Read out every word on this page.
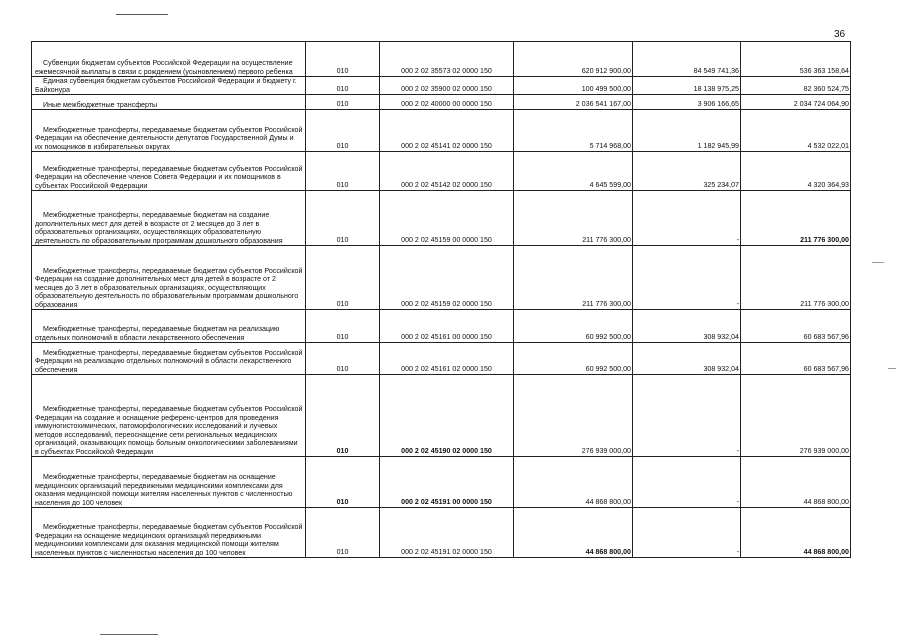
36
Субвенции бюджетам субъектов Российской Федерации на осуществление ежемесячной выплаты в связи с рождением (усыновлением) первого ребенка	010	000 2 02 35573 02 0000 150	620 912 900,00	84 549 741,36	536 363 158,64

Единая субвенция бюджетам субъектов Российской Федерации и бюджету г. Байконура	010	000 2 02 35900 02 0000 150	100 499 500,00	18 138 975,25	82 360 524,75

Иные межбюджетные трансферты	010	000 2 02 40000 00 0000 150	2 036 541 167,00	3 906 166,65	2 034 724 064,90

Межбюджетные трансферты, передаваемые бюджетам субъектов Российской Федерации на обеспечение деятельности депутатов Государственной Думы и их помощников в избирательных округах	010	000 2 02 45141 02 0000 150	5 714 968,00	1 182 945,99	4 532 022,01

Межбюджетные трансферты, передаваемые бюджетам субъектов Российской Федерации на обеспечение членов Совета Федерации и их помощников в субъектах Российской Федерации	010	000 2 02 45142 02 0000 150	4 645 599,00	325 234,07	4 320 364,93

Межбюджетные трансферты, передаваемые бюджетам на создание дополнительных мест для детей в возрасте от 2 месяцев до 3 лет в образовательных организациях, осуществляющих образовательную деятельность по образовательным программам дошкольного образования	010	000 2 02 45159 00 0000 150	211 776 300,00	-	211 776 300,00

Межбюджетные трансферты, передаваемые бюджетам субъектов Российской Федерации на создание дополнительных мест для детей в возрасте от 2 месяцев до 3 лет в образовательных организациях, осуществляющих образовательную деятельность по образовательным программам дошкольного образования	010	000 2 02 45159 02 0000 150	211 776 300,00	-	211 776 300,00

Межбюджетные трансферты, передаваемые бюджетам на реализацию отдельных полномочий в области лекарственного обеспечения	010	000 2 02 45161 00 0000 150	60 992 500,00	308 932,04	60 683 567,96

Межбюджетные трансферты, передаваемые бюджетам субъектов Российской Федерации на реализацию отдельных полномочий в области лекарственного обеспечения	010	000 2 02 45161 02 0000 150	60 992 500,00	308 932,04	60 683 567,96

Межбюджетные трансферты, передаваемые бюджетам субъектов Российской Федерации на создание и оснащение референс-центров для проведения иммуногистохимических, патоморфологических исследований и лучевых методов исследований, переоснащение сети региональных медицинских организаций, оказывающих помощь больным онкологическими заболеваниями в субъектах Российской Федерации	010	000 2 02 45190 02 0000 150	276 939 000,00	-	276 939 000,00

Межбюджетные трансферты, передаваемые бюджетам на оснащение медицинских организаций передвижными медицинскими комплексами для оказания медицинской помощи жителям населенных пунктов с численностью населения до 100 человек	010	000 2 02 45191 00 0000 150	44 868 800,00	-	44 868 800,00

Межбюджетные трансферты, передаваемые бюджетам субъектов Российской Федерации на оснащение медицинских организаций передвижными медицинскими комплексами для оказания медицинской помощи жителям населенных пунктов с численностью населения до 100 человек	010	000 2 02 45191 02 0000 150	44 868 800,00	-	44 868 800,00
